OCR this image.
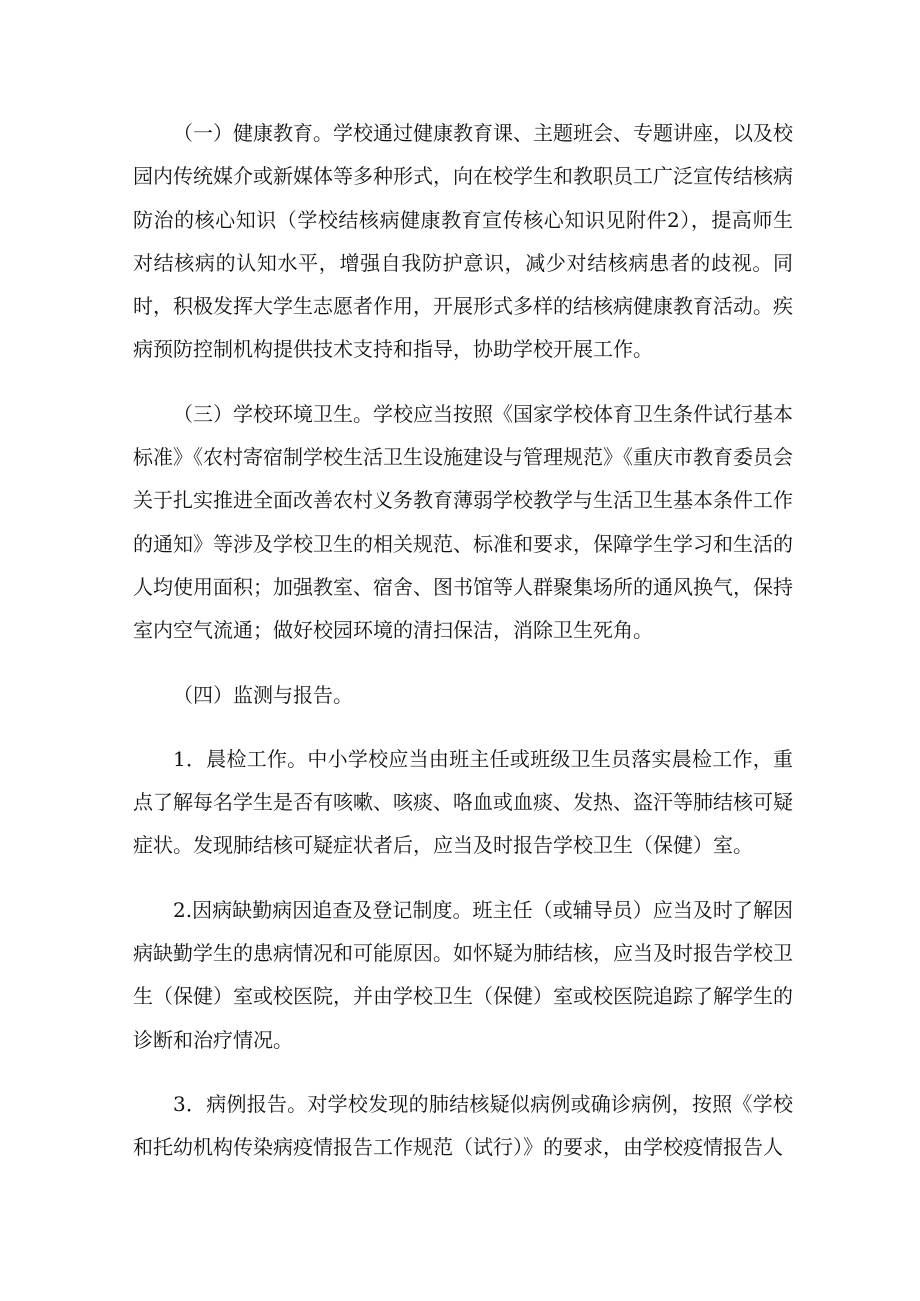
（一）健康教育。学校通过健康教育课、主题班会、专题讲座，以及校园内传统媒介或新媒体等多种形式，向在校学生和教职员工广泛宣传结核病防治的核心知识（学校结核病健康教育宣传核心知识见附件2），提高师生对结核病的认知水平，增强自我防护意识，减少对结核病患者的歧视。同时，积极发挥大学生志愿者作用，开展形式多样的结核病健康教育活动。疾病预防控制机构提供技术支持和指导，协助学校开展工作。

（三）学校环境卫生。学校应当按照《国家学校体育卫生条件试行基本标准》《农村寄宿制学校生活卫生设施建设与管理规范》《重庆市教育委员会关于扎实推进全面改善农村义务教育薄弱学校教学与生活卫生基本条件工作的通知》等涉及学校卫生的相关规范、标准和要求，保障学生学习和生活的人均使用面积；加强教室、宿舍、图书馆等人群聚集场所的通风换气，保持室内空气流通；做好校园环境的清扫保洁，消除卫生死角。

（四）监测与报告。

1．晨检工作。中小学校应当由班主任或班级卫生员落实晨检工作，重点了解每名学生是否有咳嗽、咳痰、咯血或血痰、发热、盗汗等肺结核可疑症状。发现肺结核可疑症状者后，应当及时报告学校卫生（保健）室。

2.因病缺勤病因追查及登记制度。班主任（或辅导员）应当及时了解因病缺勤学生的患病情况和可能原因。如怀疑为肺结核，应当及时报告学校卫生（保健）室或校医院，并由学校卫生（保健）室或校医院追踪了解学生的诊断和治疗情况。

3．病例报告。对学校发现的肺结核疑似病例或确诊病例，按照《学校和托幼机构传染病疫情报告工作规范（试行）》的要求，由学校疫情报告人
